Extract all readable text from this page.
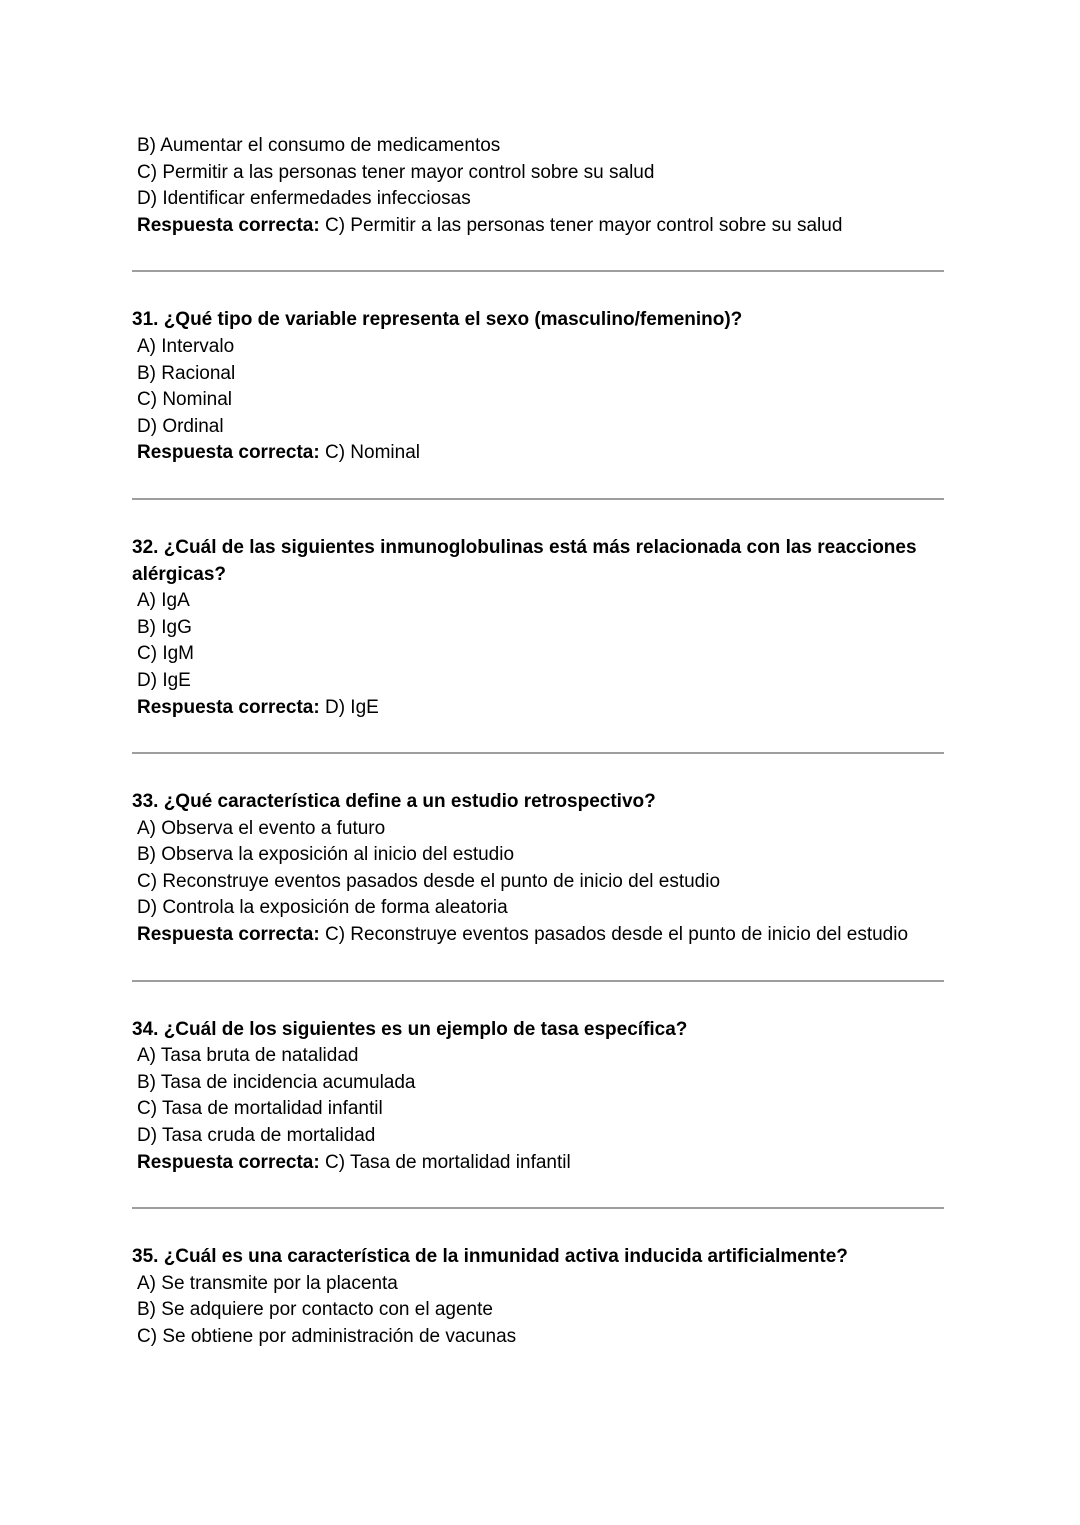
B) Aumentar el consumo de medicamentos
C) Permitir a las personas tener mayor control sobre su salud
D) Identificar enfermedades infecciosas
Respuesta correcta: C) Permitir a las personas tener mayor control sobre su salud
31. ¿Qué tipo de variable representa el sexo (masculino/femenino)?
A) Intervalo
B) Racional
C) Nominal
D) Ordinal
Respuesta correcta: C) Nominal
32. ¿Cuál de las siguientes inmunoglobulinas está más relacionada con las reacciones alérgicas?
A) IgA
B) IgG
C) IgM
D) IgE
Respuesta correcta: D) IgE
33. ¿Qué característica define a un estudio retrospectivo?
A) Observa el evento a futuro
B) Observa la exposición al inicio del estudio
C) Reconstruye eventos pasados desde el punto de inicio del estudio
D) Controla la exposición de forma aleatoria
Respuesta correcta: C) Reconstruye eventos pasados desde el punto de inicio del estudio
34. ¿Cuál de los siguientes es un ejemplo de tasa específica?
A) Tasa bruta de natalidad
B) Tasa de incidencia acumulada
C) Tasa de mortalidad infantil
D) Tasa cruda de mortalidad
Respuesta correcta: C) Tasa de mortalidad infantil
35. ¿Cuál es una característica de la inmunidad activa inducida artificialmente?
A) Se transmite por la placenta
B) Se adquiere por contacto con el agente
C) Se obtiene por administración de vacunas
